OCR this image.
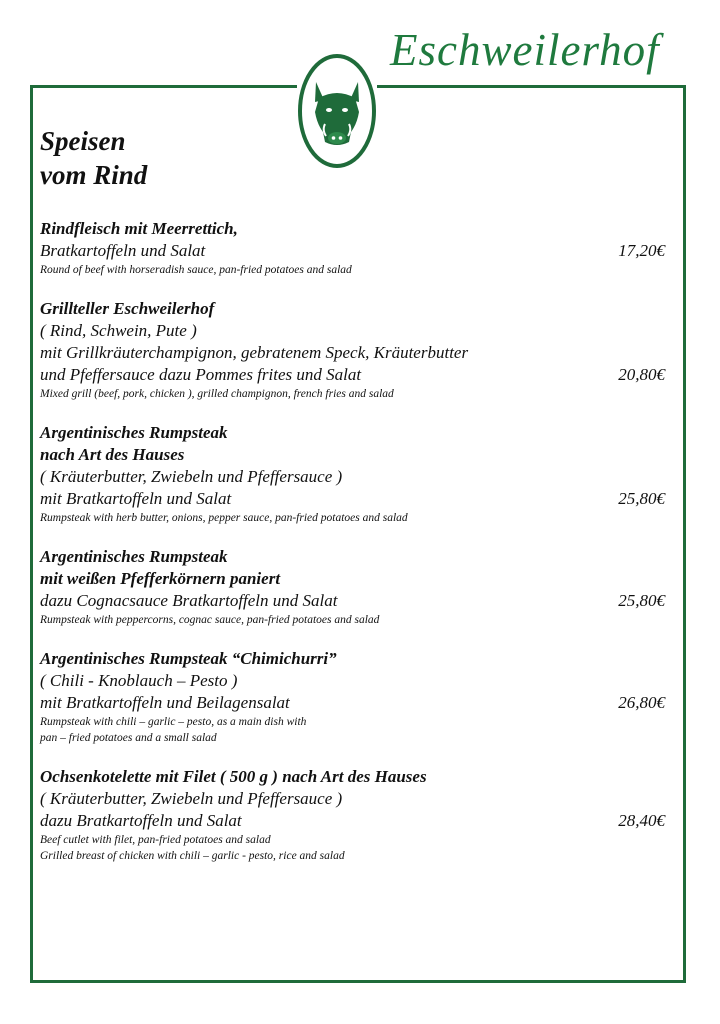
Eschweilerhof
Speisen
vom Rind
Rindfleisch mit Meerrettich,
Bratkartoffeln und Salat	17,20€
Round of beef with horseradish sauce, pan-fried potatoes and salad
Grillteller Eschweilerhof
( Rind, Schwein, Pute )
mit Grillkräuterchampignon, gebratenem Speck, Kräuterbutter
und Pfeffersauce dazu Pommes frites und Salat	20,80€
Mixed grill (beef, pork, chicken ), grilled champignon, french fries and salad
Argentinisches Rumpsteak
nach Art des Hauses
( Kräuterbutter, Zwiebeln und Pfeffersauce )
mit Bratkartoffeln und Salat	25,80€
Rumpsteak with herb butter, onions, pepper sauce, pan-fried potatoes and salad
Argentinisches Rumpsteak
mit weißen Pfefferkörnern paniert
dazu Cognacsauce Bratkartoffeln und Salat	25,80€
Rumpsteak with peppercorns, cognac sauce, pan-fried potatoes and salad
Argentinisches Rumpsteak “Chimichurri”
( Chili - Knoblauch – Pesto )
mit Bratkartoffeln und Beilagensalat	26,80€
Rumpsteak with chili – garlic – pesto, as a main dish with
pan – fried potatoes and a small salad
Ochsenkotelette mit Filet ( 500 g ) nach Art des Hauses
( Kräuterbutter, Zwiebeln und Pfeffersauce )
dazu Bratkartoffeln und Salat	28,40€
Beef cutlet with filet, pan-fried potatoes and salad
Grilled breast of chicken with chili – garlic - pesto, rice and salad
